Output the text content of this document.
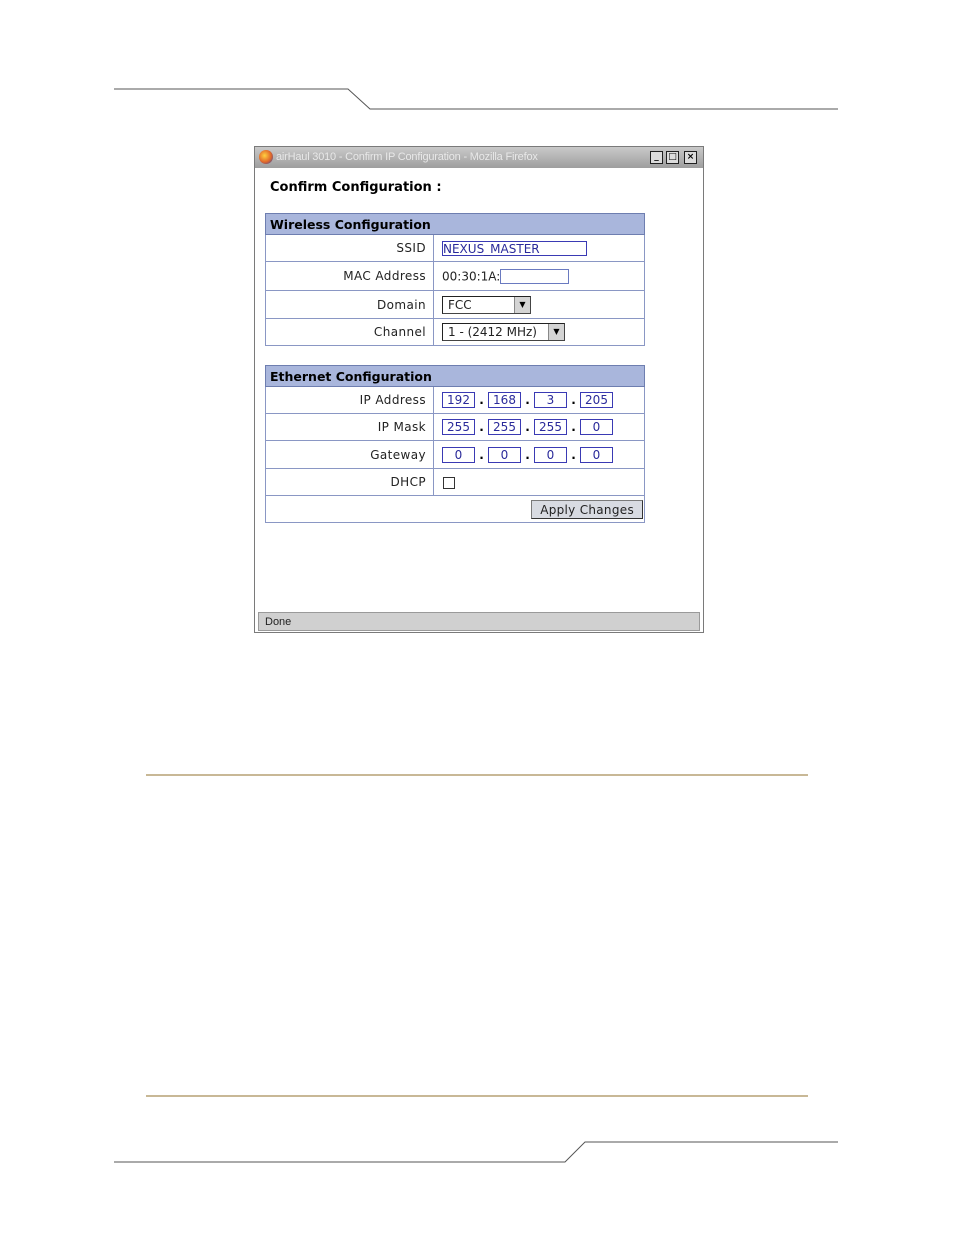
airHaul 3010 - Confirm IP Configuration - Mozilla Firefox	_	□	×
Confirm Configuration :
Wireless Configuration	
SSID	NEXUS_MASTER
MAC Address	00:30:1A:
Domain	FCC ▼

Channel	1 - (2412 MHz) ▼
Ethernet Configuration	
IP Address	192 . 168 . 3 . 205
IP Mask	255 . 255 . 255 . 0
Gateway	0 . 0 . 0 . 0
DHCP	

Apply Changes	
Done
